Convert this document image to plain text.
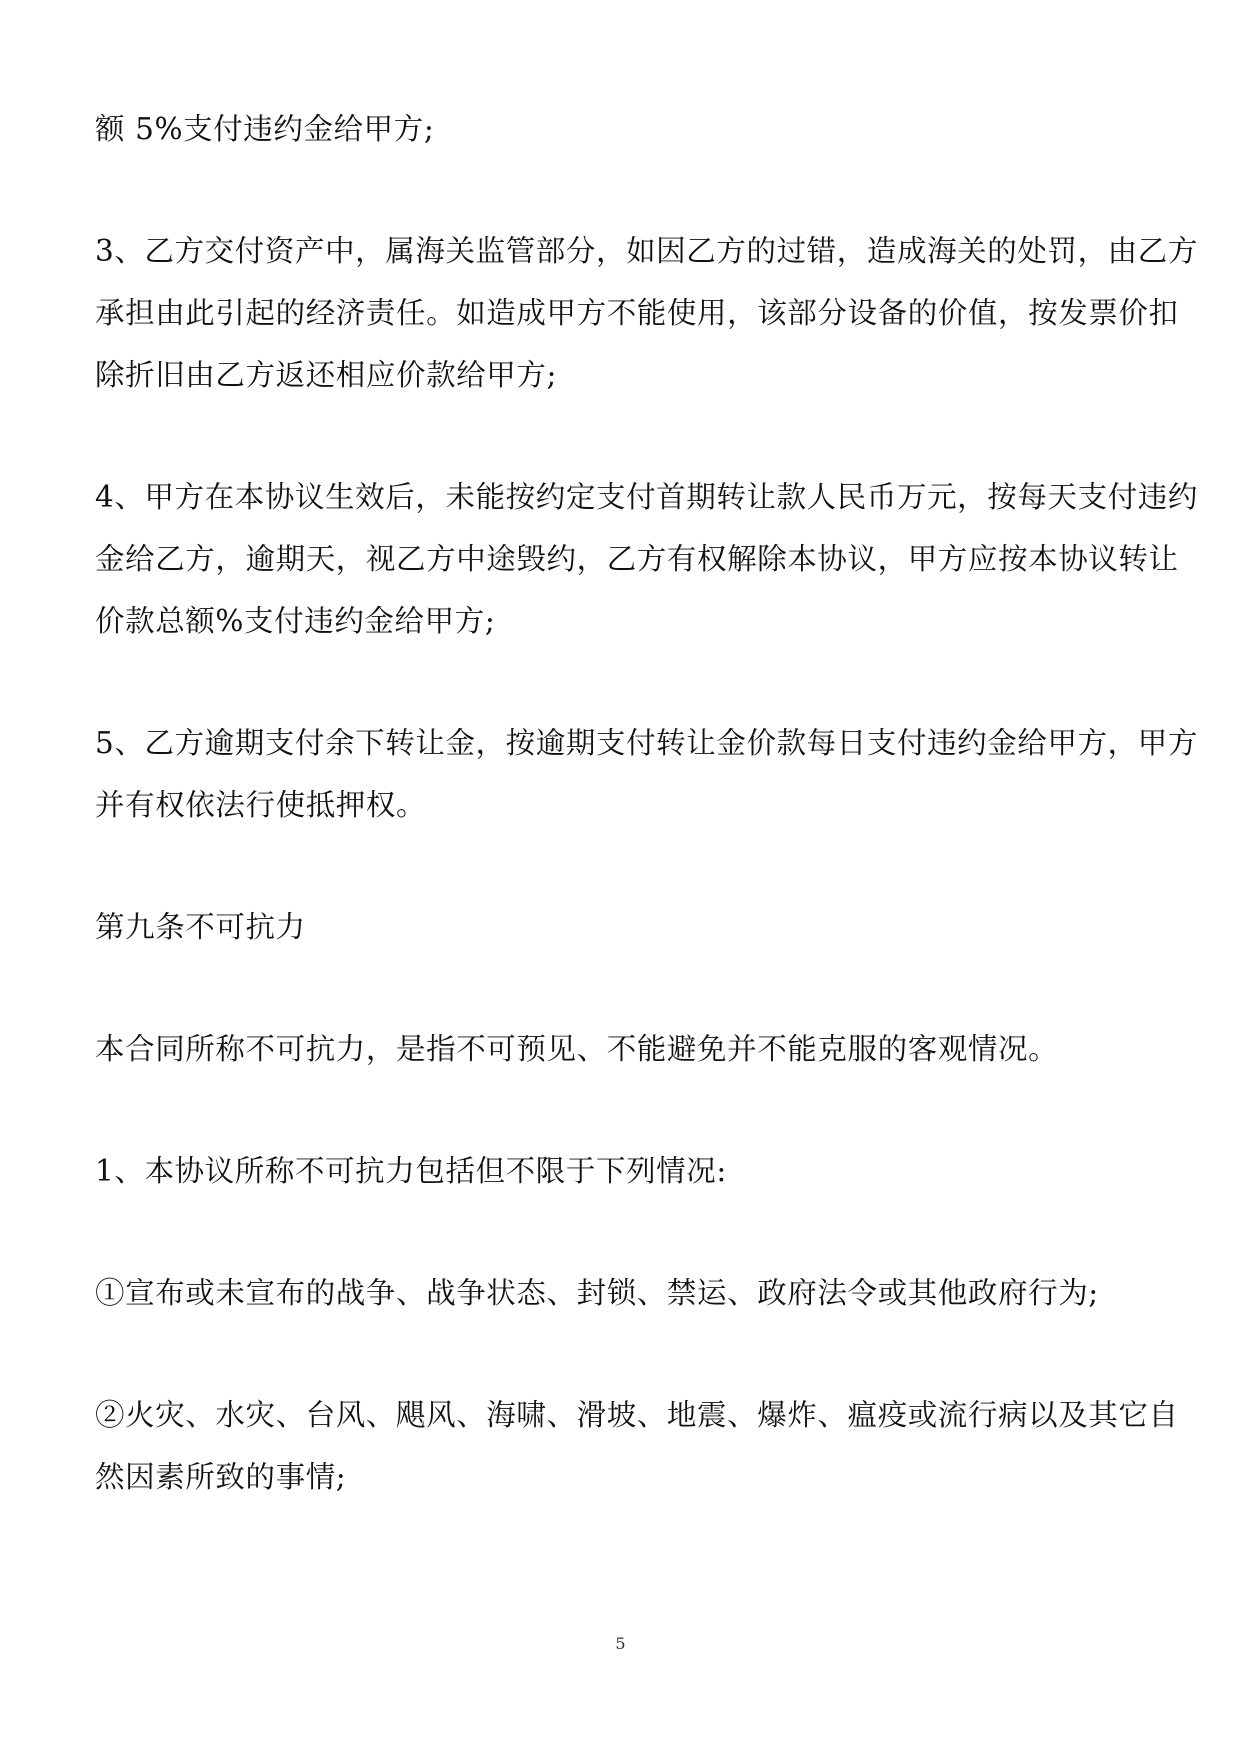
额 5%支付违约金给甲方;

3、乙方交付资产中，属海关监管部分，如因乙方的过错，造成海关的处罚，由乙方
承担由此引起的经济责任。如造成甲方不能使用，该部分设备的价值，按发票价扣
除折旧由乙方返还相应价款给甲方;

4、甲方在本协议生效后，未能按约定支付首期转让款人民币万元，按每天支付违约
金给乙方，逾期天，视乙方中途毁约，乙方有权解除本协议，甲方应按本协议转让
价款总额%支付违约金给甲方;

5、乙方逾期支付余下转让金，按逾期支付转让金价款每日支付违约金给甲方，甲方
并有权依法行使抵押权。

第九条不可抗力

本合同所称不可抗力，是指不可预见、不能避免并不能克服的客观情况。

1、本协议所称不可抗力包括但不限于下列情况:

①宣布或未宣布的战争、战争状态、封锁、禁运、政府法令或其他政府行为;

②火灾、水灾、台风、飓风、海啸、滑坡、地震、爆炸、瘟疫或流行病以及其它自
然因素所致的事情;

5
